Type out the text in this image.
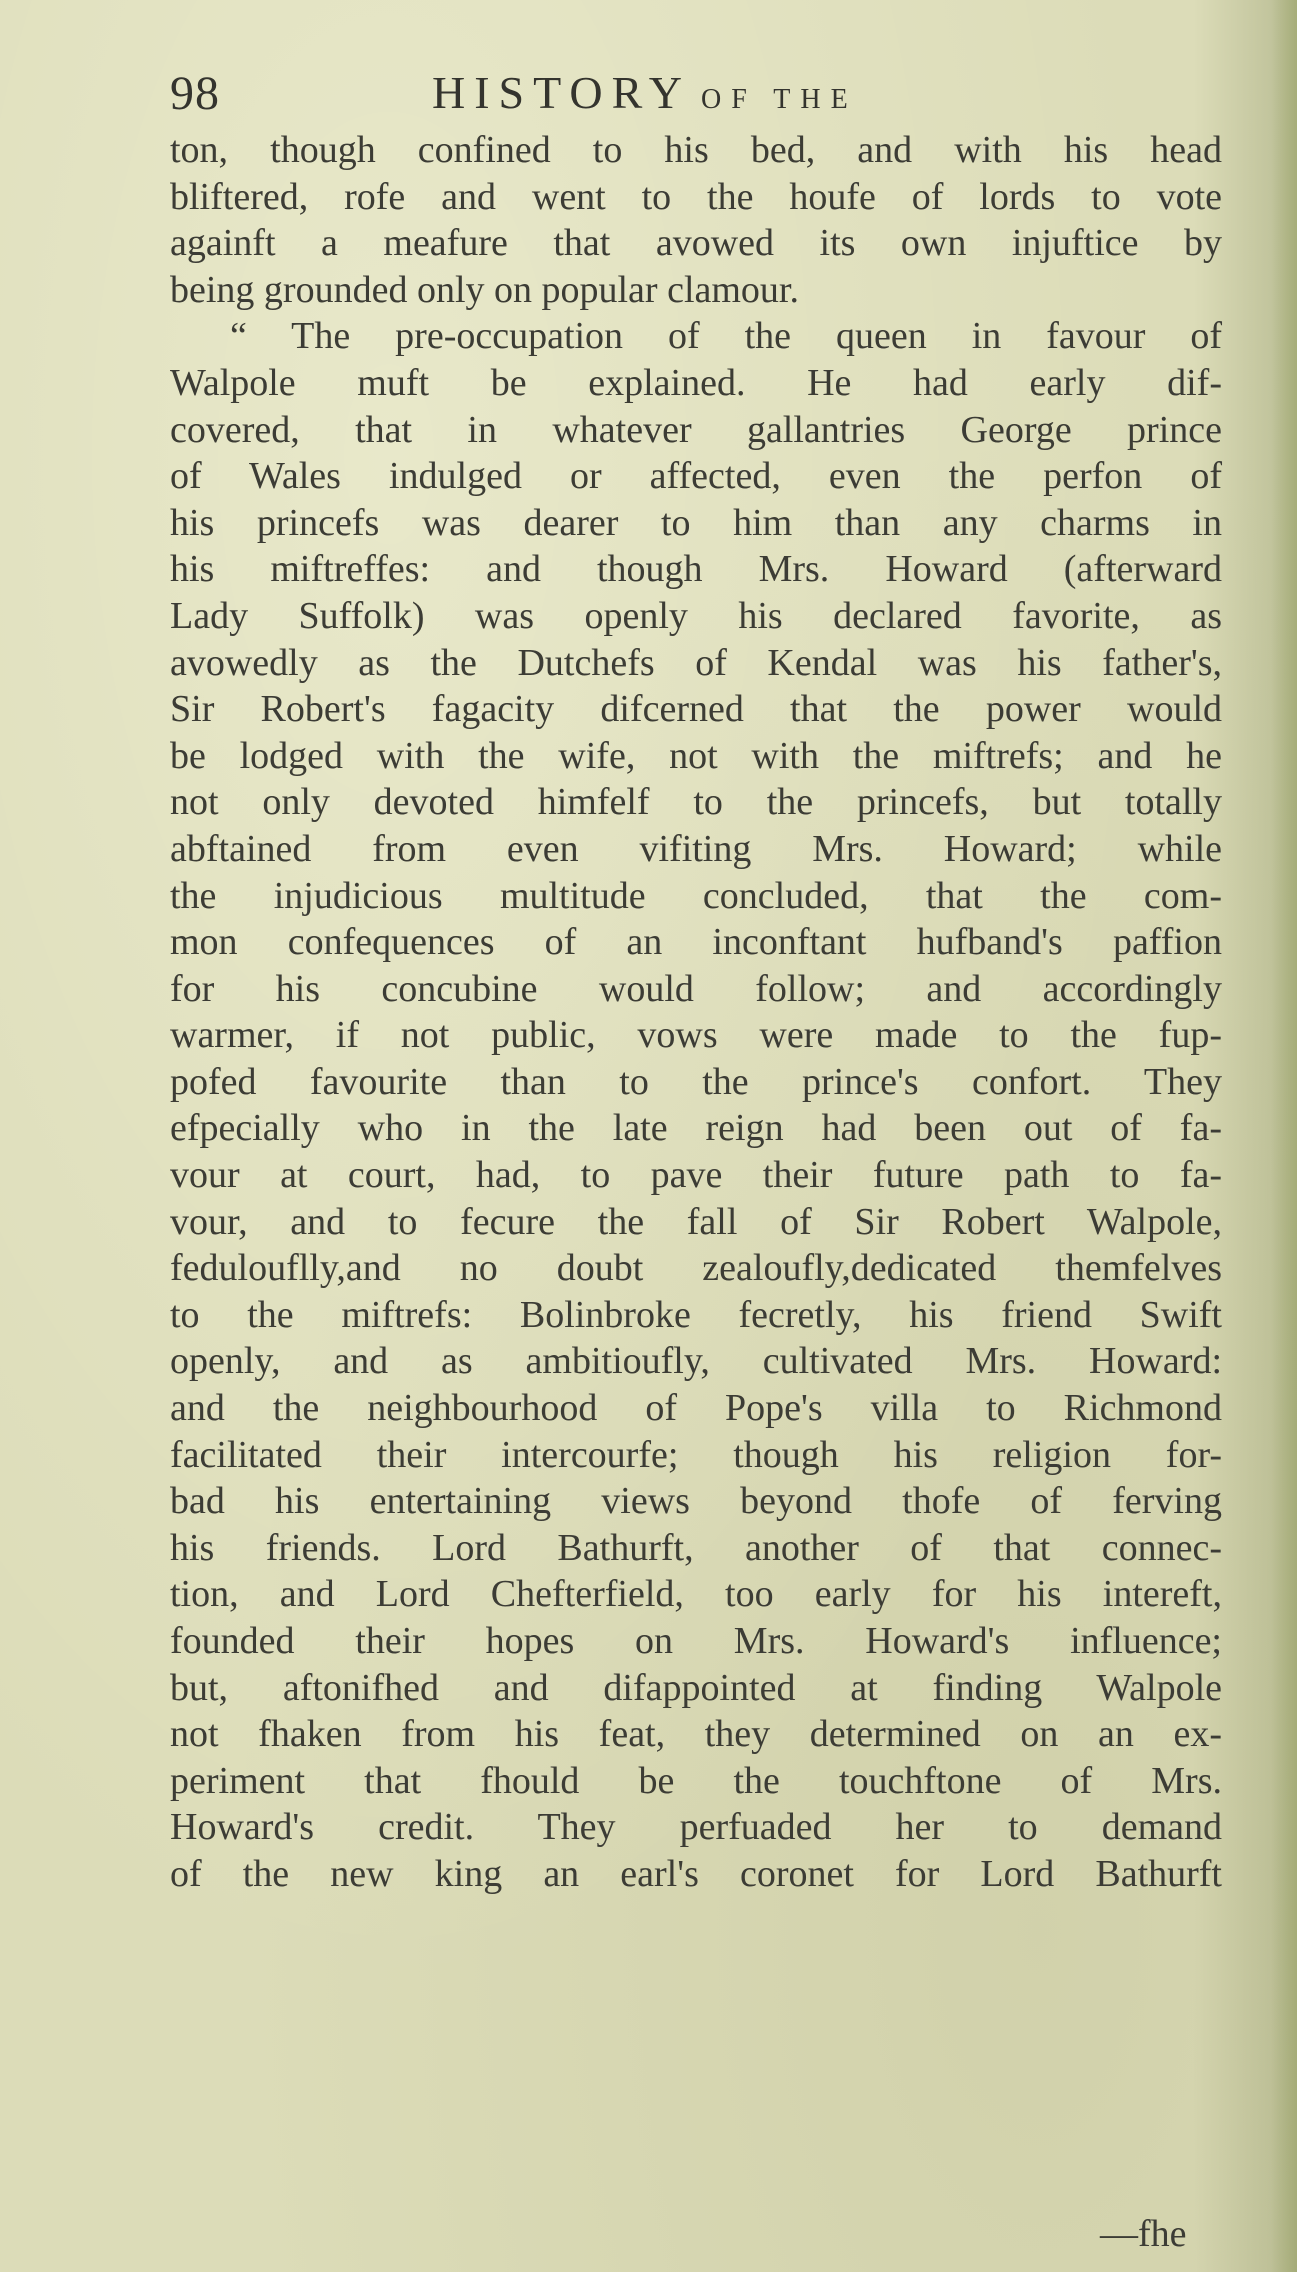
98	HISTORY OF THE
ton, though confined to his bed, and with his head
bliftered, rofe and went to the houfe of lords to vote
againft a meafure that avowed its own injuftice by
being grounded only on popular clamour.
“ The pre-occupation of the queen in favour of
Walpole muft be explained. He had early dif-
covered, that in whatever gallantries George prince
of Wales indulged or affected, even the perfon of
his princefs was dearer to him than any charms in
his miftreffes: and though Mrs. Howard (afterward
Lady Suffolk) was openly his declared favorite, as
avowedly as the Dutchefs of Kendal was his father's,
Sir Robert's fagacity difcerned that the power would
be lodged with the wife, not with the miftrefs; and he
not only devoted himfelf to the princefs, but totally
abftained from even vifiting Mrs. Howard; while
the injudicious multitude concluded, that the com-
mon confequences of an inconftant hufband's paffion
for his concubine would follow; and accordingly
warmer, if not public, vows were made to the fup-
pofed favourite than to the prince's confort. They
efpecially who in the late reign had been out of fa-
vour at court, had, to pave their future path to fa-
vour, and to fecure the fall of Sir Robert Walpole,
fedulouflly,and no doubt zealoufly,dedicated themfelves
to the miftrefs: Bolinbroke fecretly, his friend Swift
openly, and as ambitioufly, cultivated Mrs. Howard:
and the neighbourhood of Pope's villa to Richmond
facilitated their intercourfe; though his religion for-
bad his entertaining views beyond thofe of ferving
his friends. Lord Bathurft, another of that connec-
tion, and Lord Chefterfield, too early for his intereft,
founded their hopes on Mrs. Howard's influence;
but, aftonifhed and difappointed at finding Walpole
not fhaken from his feat, they determined on an ex-
periment that fhould be the touchftone of Mrs.
Howard's credit. They perfuaded her to demand
of the new king an earl's coronet for Lord Bathurft
—fhe
